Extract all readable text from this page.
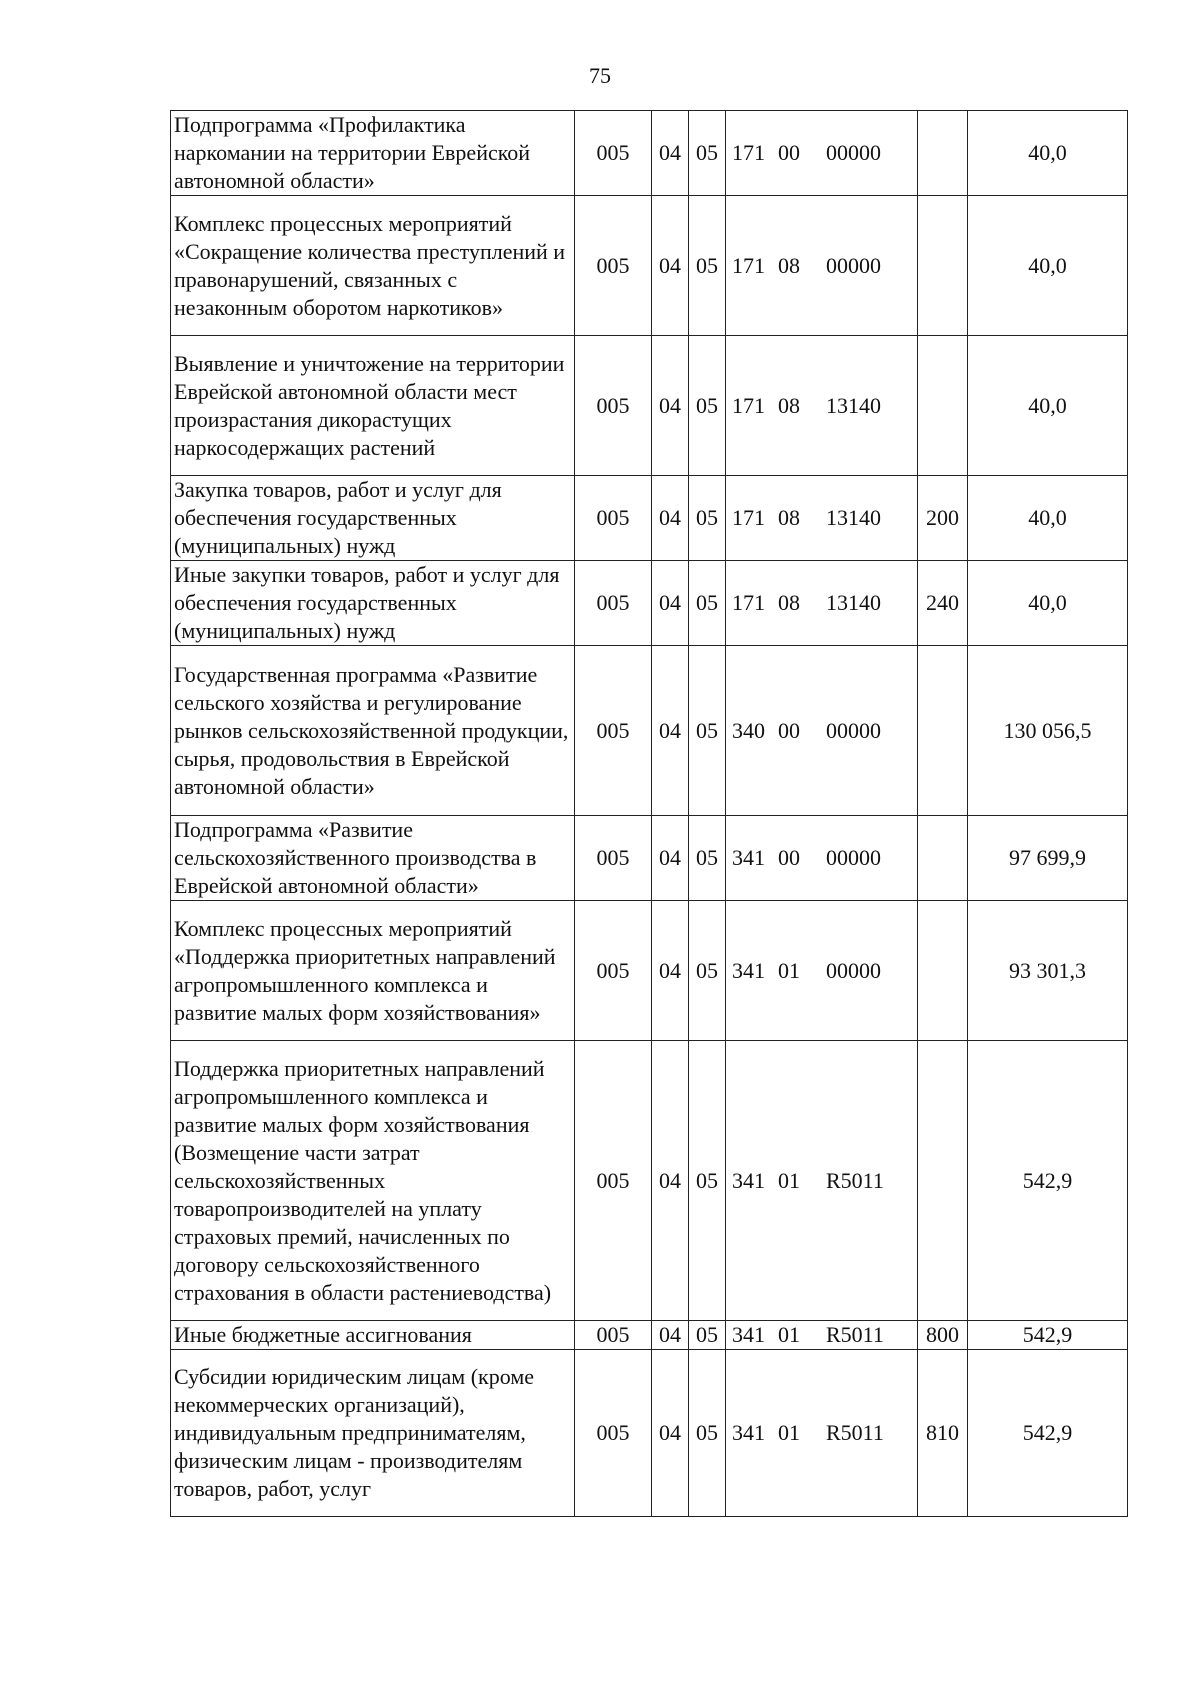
75
Подпрограмма «Профилактика наркомании на территории Еврейской автономной области»	005	04	05	171 00 00000		40,0
Комплекс процессных мероприятий «Сокращение количества преступлений и правонарушений, связанных с незаконным оборотом наркотиков»	005	04	05	171 08 00000		40,0
Выявление и уничтожение на территории Еврейской автономной области мест произрастания дикорастущих наркосодержащих растений	005	04	05	171 08 13140		40,0
Закупка товаров, работ и услуг для обеспечения государственных (муниципальных) нужд	005	04	05	171 08 13140	200	40,0
Иные закупки товаров, работ и услуг для обеспечения государственных (муниципальных) нужд	005	04	05	171 08 13140	240	40,0
Государственная программа «Развитие сельского хозяйства и регулирование рынков сельскохозяйственной продукции, сырья, продовольствия в Еврейской автономной области»	005	04	05	340 00 00000		130 056,5
Подпрограмма «Развитие сельскохозяйственного производства в Еврейской автономной области»	005	04	05	341 00 00000		97 699,9
Комплекс процессных мероприятий «Поддержка приоритетных направлений агропромышленного комплекса и развитие малых форм хозяйствования»	005	04	05	341 01 00000		93 301,3
Поддержка приоритетных направлений агропромышленного комплекса и развитие малых форм хозяйствования (Возмещение части затрат сельскохозяйственных товаропроизводителей на уплату страховых премий, начисленных по договору сельскохозяйственного страхования в области растениеводства)	005	04	05	341 01 R5011		542,9
Иные бюджетные ассигнования	005	04	05	341 01 R5011	800	542,9
Субсидии юридическим лицам (кроме некоммерческих организаций), индивидуальным предпринимателям, физическим лицам - производителям товаров, работ, услуг	005	04	05	341 01 R5011	810	542,9
